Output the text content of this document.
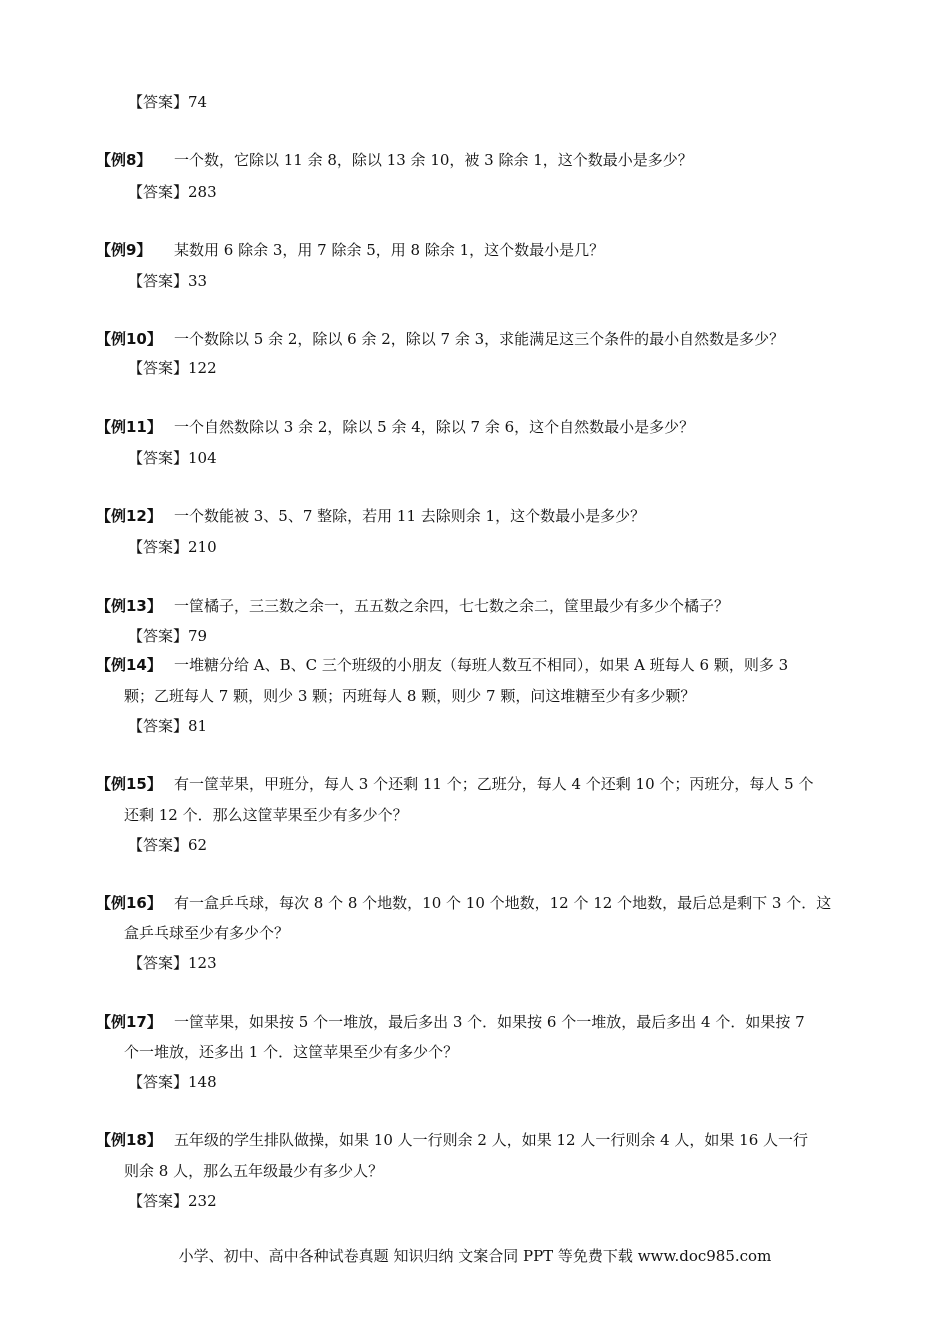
【答案】74
【例8】 一个数，它除以 11 余 8，除以 13 余 10，被 3 除余 1，这个数最小是多少？
【答案】283
【例9】 某数用 6 除余 3，用 7 除余 5，用 8 除余 1，这个数最小是几？
【答案】33
【例10】 一个数除以 5 余 2，除以 6 余 2，除以 7 余 3，求能满足这三个条件的最小自然数是多少？
【答案】122
【例11】 一个自然数除以 3 余 2，除以 5 余 4，除以 7 余 6，这个自然数最小是多少？
【答案】104
【例12】 一个数能被 3、5、7 整除，若用 11 去除则余 1，这个数最小是多少？
【答案】210
【例13】 一筐橘子，三三数之余一，五五数之余四，七七数之余二，筐里最少有多少个橘子？
【答案】79
【例14】 一堆糖分给 A、B、C 三个班级的小朋友（每班人数互不相同），如果 A 班每人 6 颗，则多 3
颗；乙班每人 7 颗，则少 3 颗；丙班每人 8 颗，则少 7 颗，问这堆糖至少有多少颗？
【答案】81
【例15】 有一筐苹果，甲班分，每人 3 个还剩 11 个；乙班分，每人 4 个还剩 10 个；丙班分，每人 5 个
还剩 12 个．那么这筐苹果至少有多少个？
【答案】62
【例16】 有一盒乒乓球，每次 8 个 8 个地数，10 个 10 个地数，12 个 12 个地数，最后总是剩下 3 个．这
盒乒乓球至少有多少个？
【答案】123
【例17】 一筐苹果，如果按 5 个一堆放，最后多出 3 个．如果按 6 个一堆放，最后多出 4 个．如果按 7
个一堆放，还多出 1 个．这筐苹果至少有多少个？
【答案】148
【例18】 五年级的学生排队做操，如果 10 人一行则余 2 人，如果 12 人一行则余 4 人，如果 16 人一行
则余 8 人，那么五年级最少有多少人？
【答案】232
小学、初中、高中各种试卷真题 知识归纳 文案合同 PPT 等免费下载 www.doc985.com
